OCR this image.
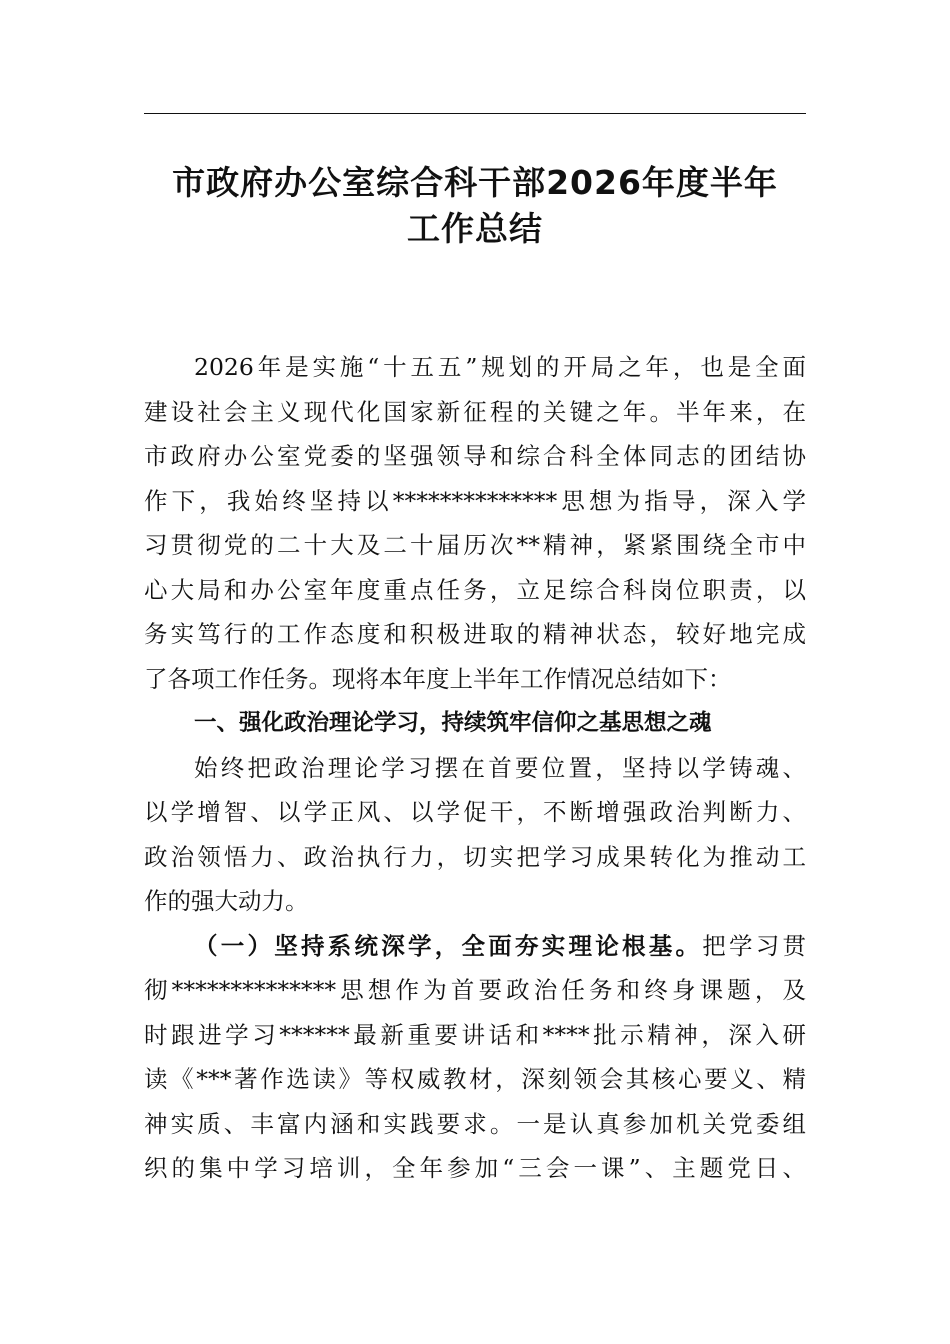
市政府办公室综合科干部2026年度半年
工作总结

2026年是实施“十五五”规划的开局之年，也是全面
建设社会主义现代化国家新征程的关键之年。半年来，在
市政府办公室党委的坚强领导和综合科全体同志的团结协
作下，我始终坚持以**************思想为指导，深入学
习贯彻党的二十大及二十届历次**精神，紧紧围绕全市中
心大局和办公室年度重点任务，立足综合科岗位职责，以
务实笃行的工作态度和积极进取的精神状态，较好地完成
了各项工作任务。现将本年度上半年工作情况总结如下：

一、强化政治理论学习，持续筑牢信仰之基思想之魂

始终把政治理论学习摆在首要位置，坚持以学铸魂、
以学增智、以学正风、以学促干，不断增强政治判断力、
政治领悟力、政治执行力，切实把学习成果转化为推动工
作的强大动力。

（一）坚持系统深学，全面夯实理论根基。把学习贯
彻**************思想作为首要政治任务和终身课题，及
时跟进学习******最新重要讲话和****批示精神，深入研
读《***著作选读》等权威教材，深刻领会其核心要义、精
神实质、丰富内涵和实践要求。一是认真参加机关党委组
织的集中学习培训，全年参加“三会一课”、主题党日、
